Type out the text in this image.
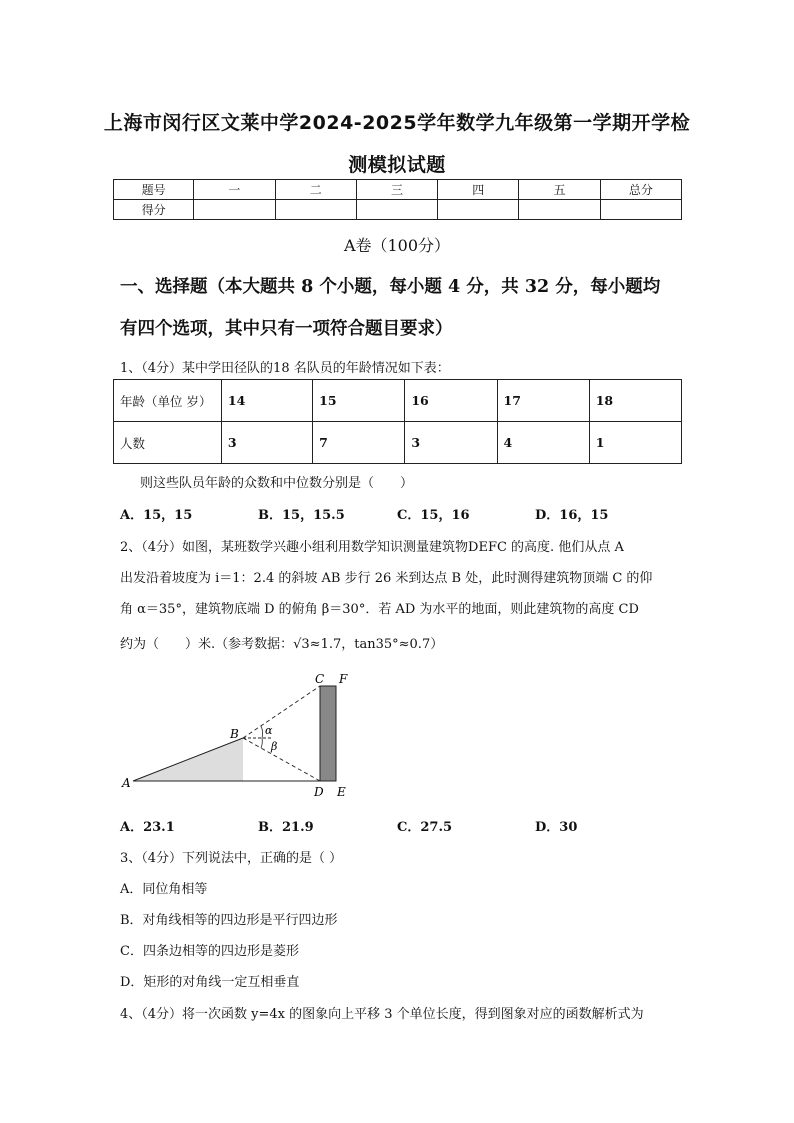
上海市闵行区文莱中学2024-2025学年数学九年级第一学期开学检
测模拟试题
题号	一	二	三	四	五	总分
得分						
A卷（100分）
一、选择题（本大题共 8 个小题，每小题 4 分，共 32 分，每小题均
有四个选项，其中只有一项符合题目要求）
1、（4分）某中学田径队的18 名队员的年龄情况如下表：
年龄（单位 岁）	14	15	16	17	18
人数	3	7	3	4	1
则这些队员年龄的众数和中位数分别是（　　）
A．15，15	B．15，15.5	C．15，16	D．16，15
2、（4分）如图，某班数学兴趣小组利用数学知识测量建筑物DEFC 的高度. 他们从点 A
出发沿着坡度为 i＝1：2.4 的斜坡 AB 步行 26 米到达点 B 处，此时测得建筑物顶端 C 的仰
角 α＝35°，建筑物底端 D 的俯角 β＝30°．若 AD 为水平的地面，则此建筑物的高度 CD
约为（　　）米.（参考数据：√3≈1.7，tan35°≈0.7）
A
B
C F
D E
α
β
A．23.1	B．21.9	C．27.5	D．30
3、（4分）下列说法中，正确的是（ ）
A．同位角相等
B．对角线相等的四边形是平行四边形
C．四条边相等的四边形是菱形
D．矩形的对角线一定互相垂直
4、（4分）将一次函数 y=4x 的图象向上平移 3 个单位长度，得到图象对应的函数解析式为
